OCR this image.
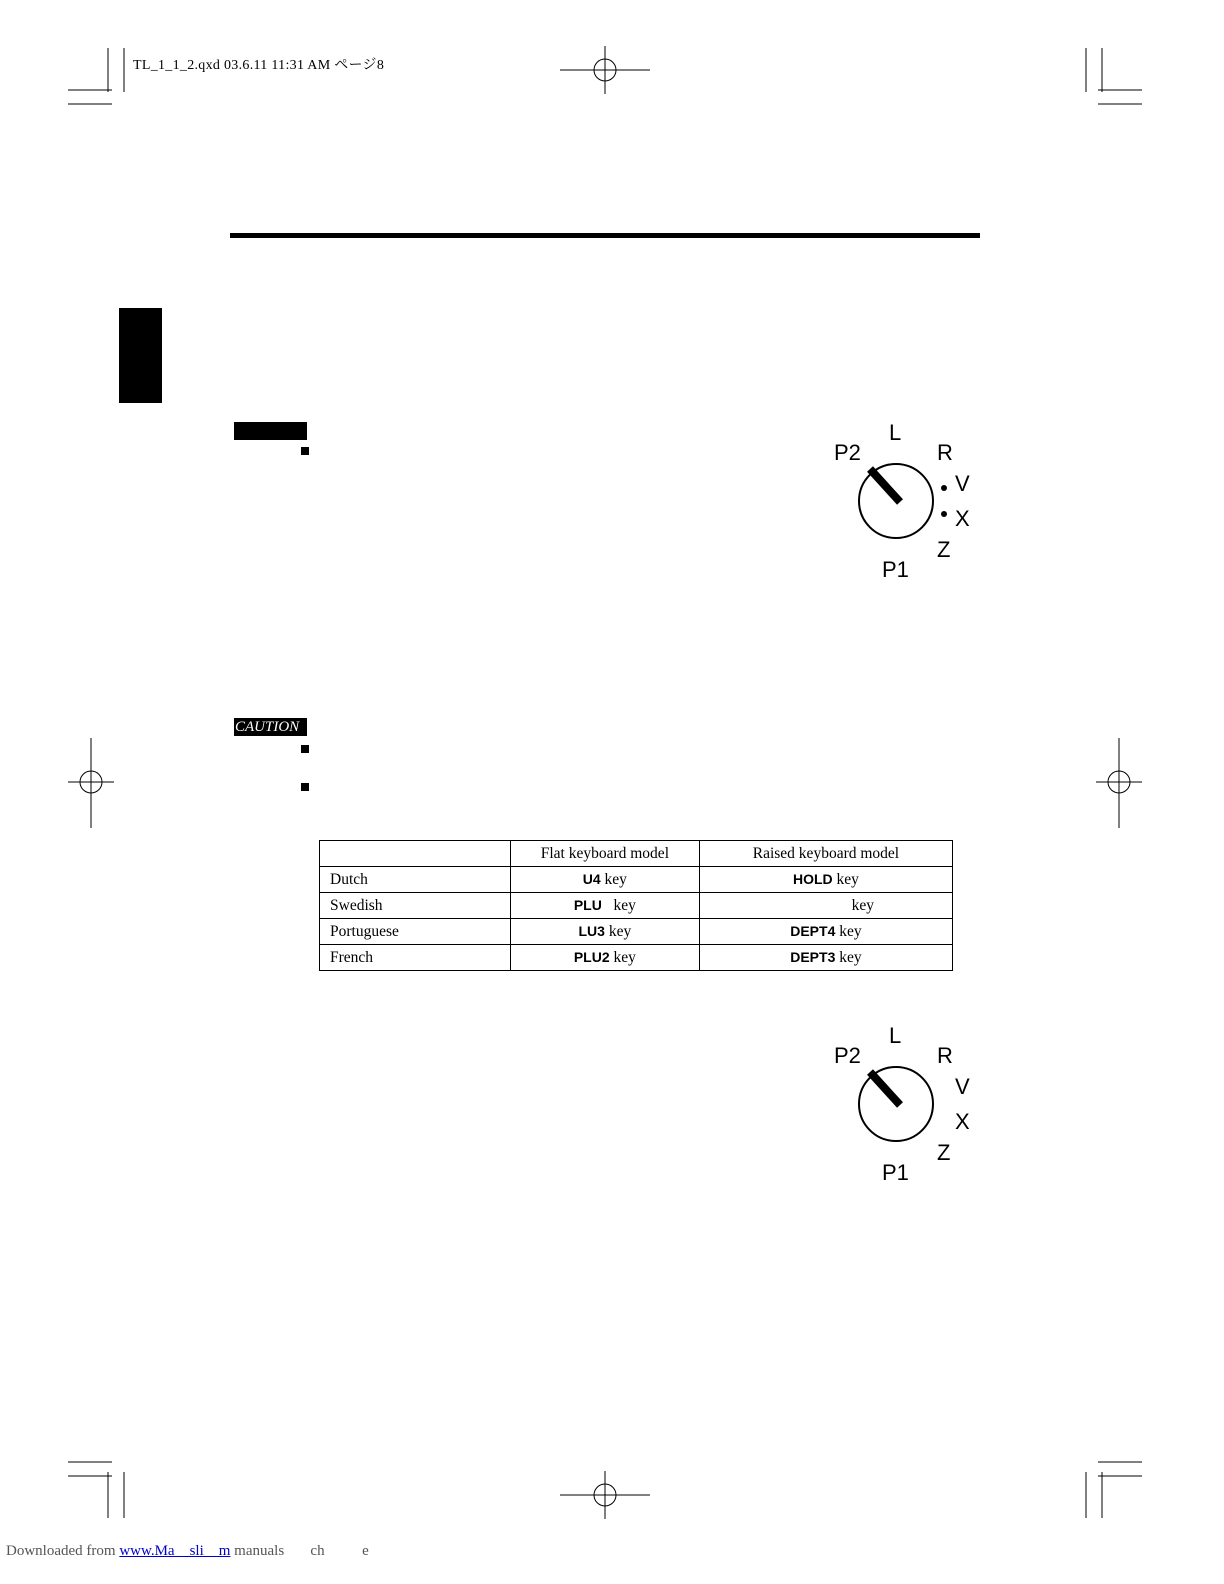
TL_1_1_2.qxd 03.6.11 11:31 AM ページ8
L
P2	R
V
X
Z
P1
CAUTION
	Flat keyboard model	Raised keyboard model
Dutch	U4 key	HOLD key
Swedish	PLU key	key
Portuguese	LU3 key	DEPT4 key
French	PLU2 key	DEPT3 key
L
P2	R
V
X
Z
P1
Downloaded from www.Ma    sli    m manuals       ch          e
